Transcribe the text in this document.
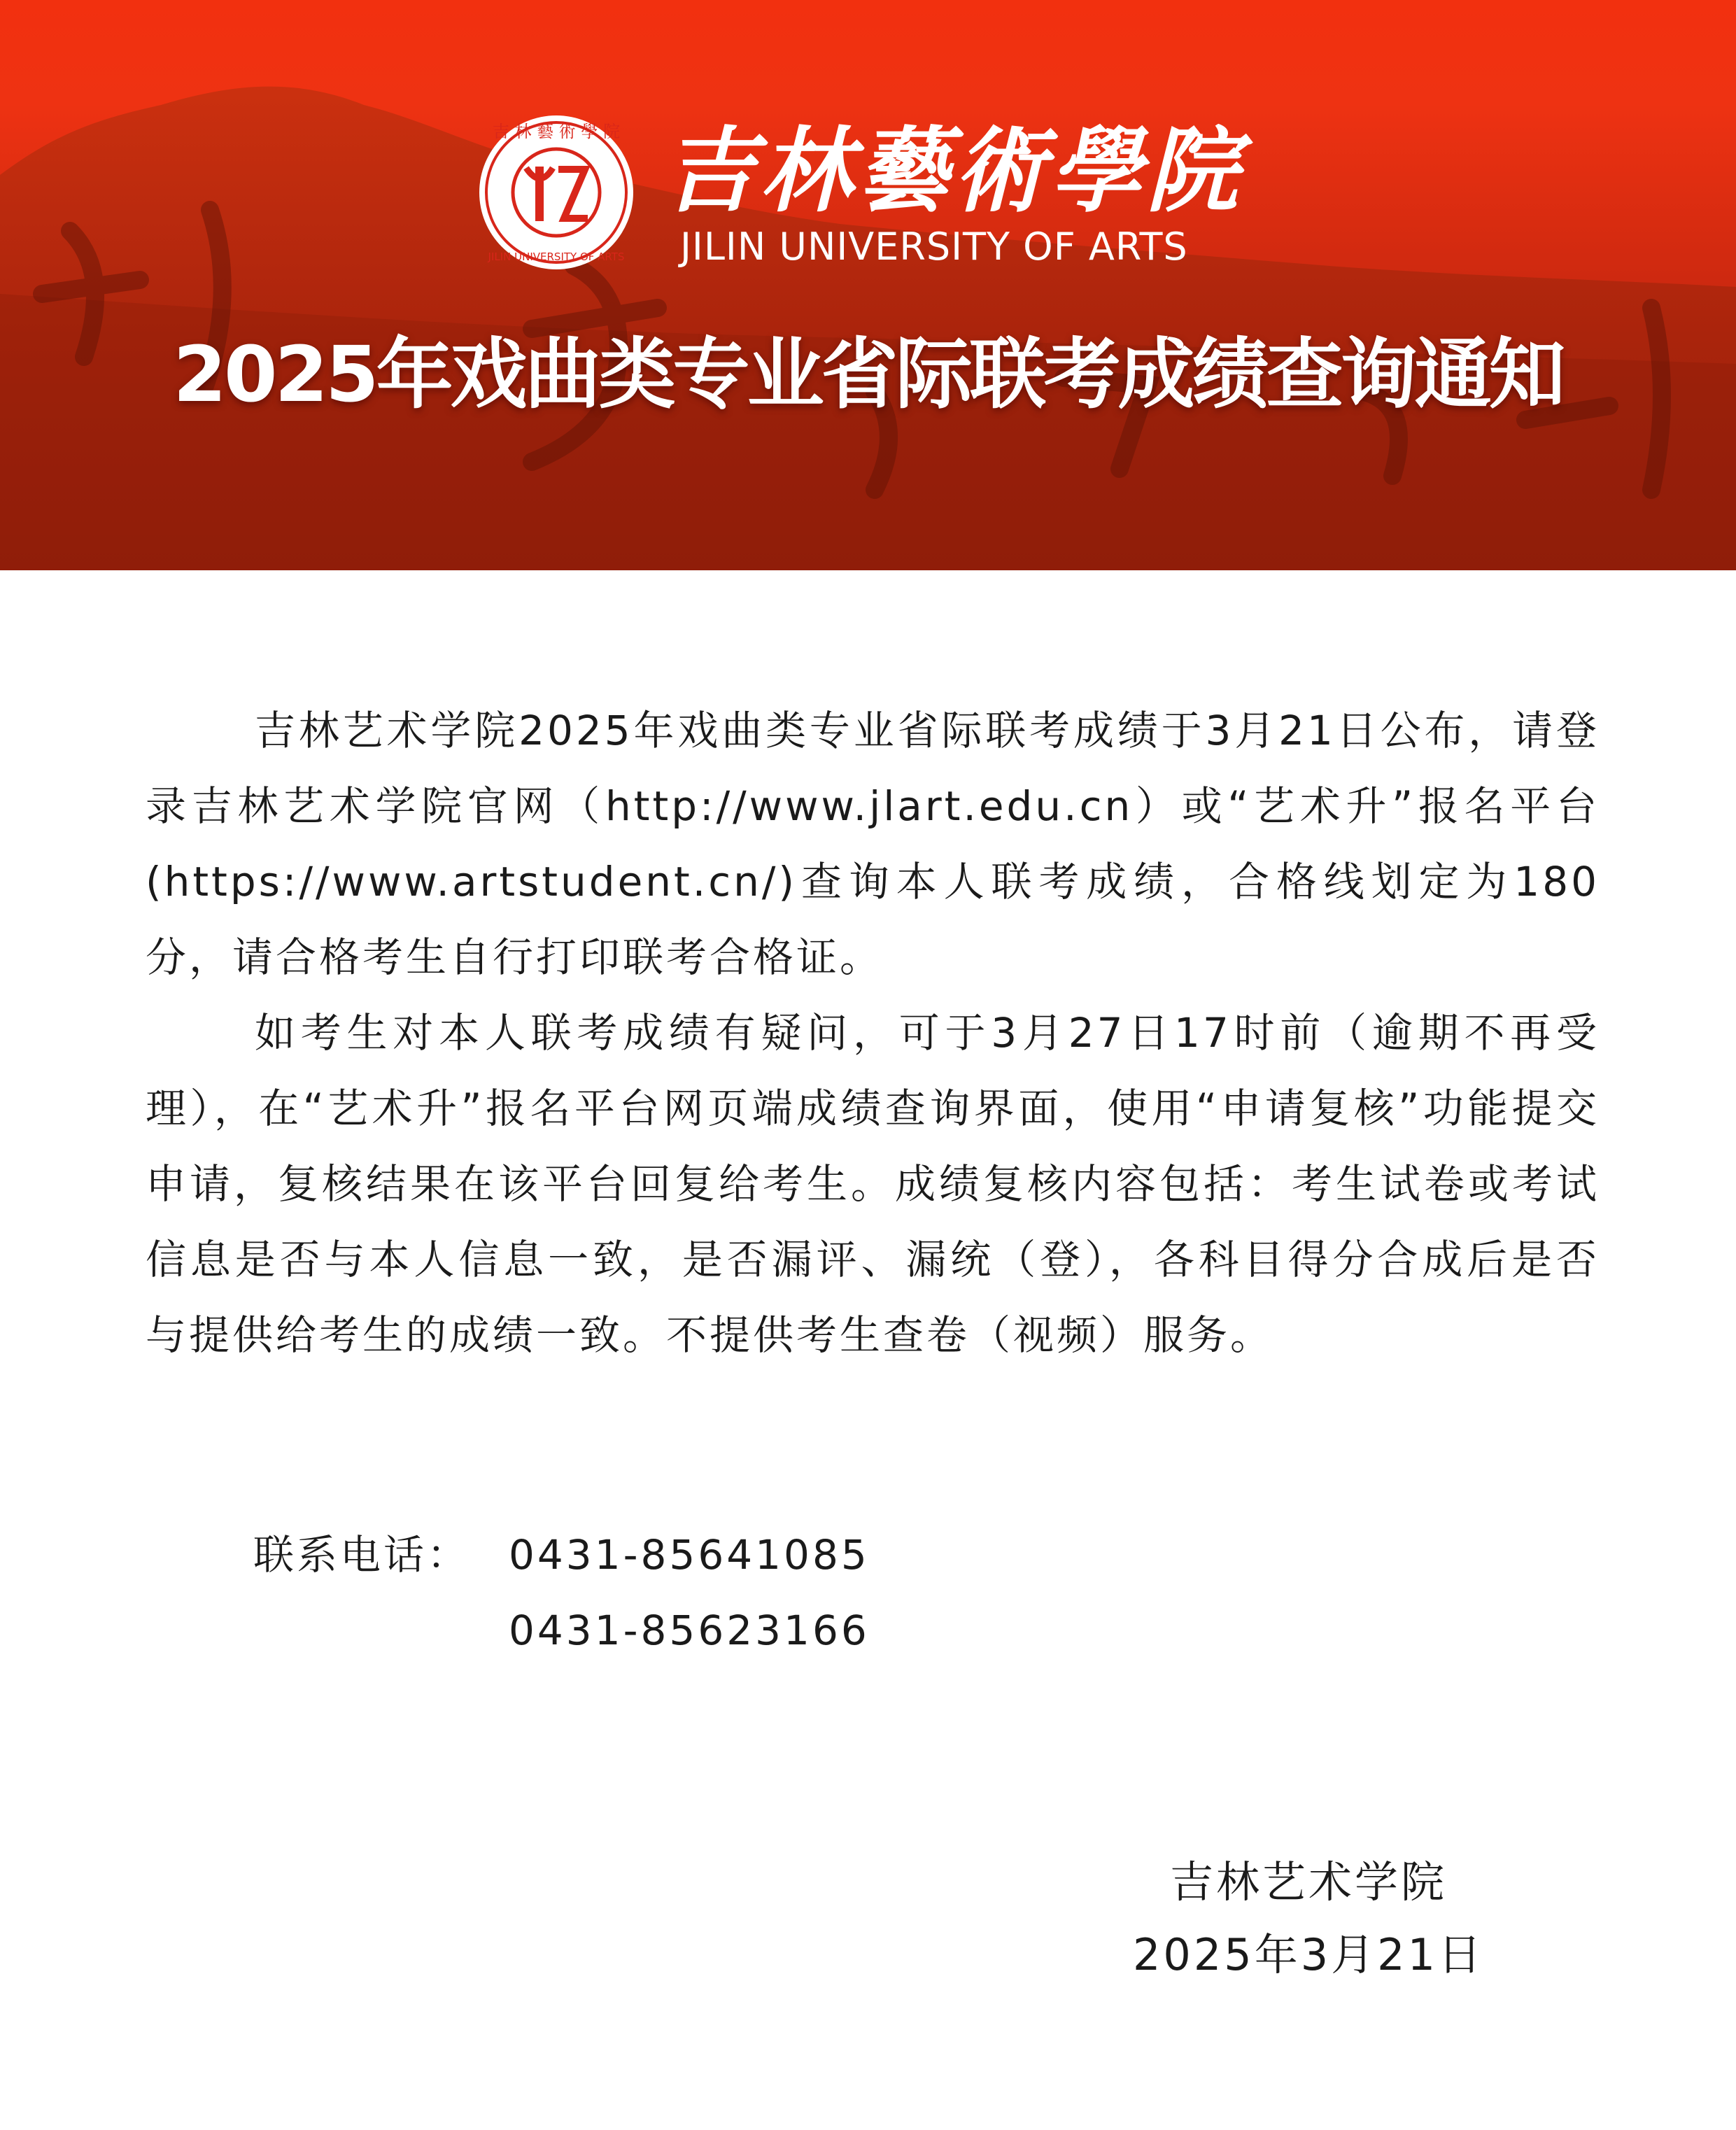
吉 林 藝 術 學 院
JILIN UNIVERSITY OF ARTS
吉林藝術學院
JILIN UNIVERSITY OF ARTS
2025年戏曲类专业省际联考成绩查询通知

吉林艺术学院2025年戏曲类专业省际联考成绩于3月21日公布，请登录吉林艺术学院官网（http://www.jlart.edu.cn）或“艺术升”报名平台(https://www.artstudent.cn/)查询本人联考成绩，合格线划定为180分，请合格考生自行打印联考合格证。

如考生对本人联考成绩有疑问，可于3月27日17时前（逾期不再受理），在“艺术升”报名平台网页端成绩查询界面，使用“申请复核”功能提交申请，复核结果在该平台回复给考生。成绩复核内容包括：考生试卷或考试信息是否与本人信息一致，是否漏评、漏统（登），各科目得分合成后是否与提供给考生的成绩一致。不提供考生查卷（视频）服务。

联系电话： 0431-85641085
0431-85623166
吉林艺术学院
2025年3月21日
